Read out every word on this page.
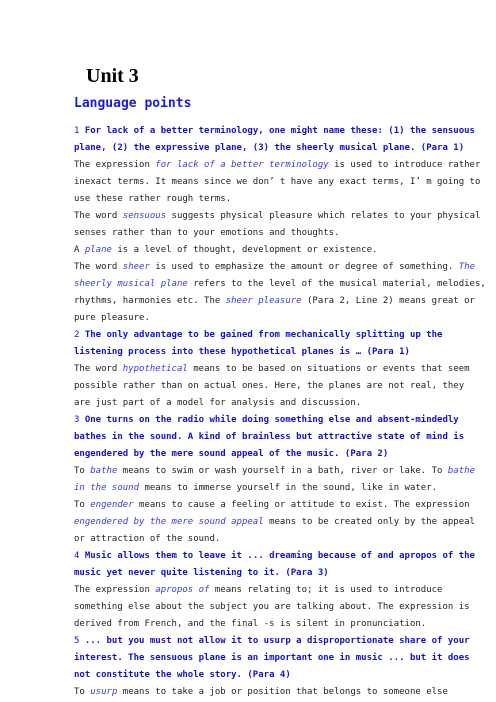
Unit 3
Language points
1 For lack of a better terminology, one might name these: (1) the sensuous
plane, (2) the expressive plane, (3) the sheerly musical plane. (Para 1)
The expression for lack of a better terminology is used to introduce rather
inexact terms. It means since we don’ t have any exact terms, I’ m going to
use these rather rough terms.
The word sensuous suggests physical pleasure which relates to your physical
senses rather than to your emotions and thoughts.
A plane is a level of thought, development or existence.
The word sheer is used to emphasize the amount or degree of something. The
sheerly musical plane refers to the level of the musical material, melodies,
rhythms, harmonies etc. The sheer pleasure (Para 2, Line 2) means great or
pure pleasure.
2 The only advantage to be gained from mechanically splitting up the
listening process into these hypothetical planes is … (Para 1)
The word hypothetical means to be based on situations or events that seem
possible rather than on actual ones. Here, the planes are not real, they
are just part of a model for analysis and discussion.
3 One turns on the radio while doing something else and absent-mindedly
bathes in the sound. A kind of brainless but attractive state of mind is
engendered by the mere sound appeal of the music. (Para 2)
To bathe means to swim or wash yourself in a bath, river or lake. To bathe
in the sound means to immerse yourself in the sound, like in water.
To engender means to cause a feeling or attitude to exist. The expression
engendered by the mere sound appeal means to be created only by the appeal
or attraction of the sound.
4 Music allows them to leave it ... dreaming because of and apropos of the
music yet never quite listening to it. (Para 3)
The expression apropos of means relating to; it is used to introduce
something else about the subject you are talking about. The expression is
derived from French, and the final -s is silent in pronunciation.
5 ... but you must not allow it to usurp a disproportionate share of your
interest. The sensuous plane is an important one in music ... but it does
not constitute the whole story. (Para 4)
To usurp means to take a job or position that belongs to someone else
